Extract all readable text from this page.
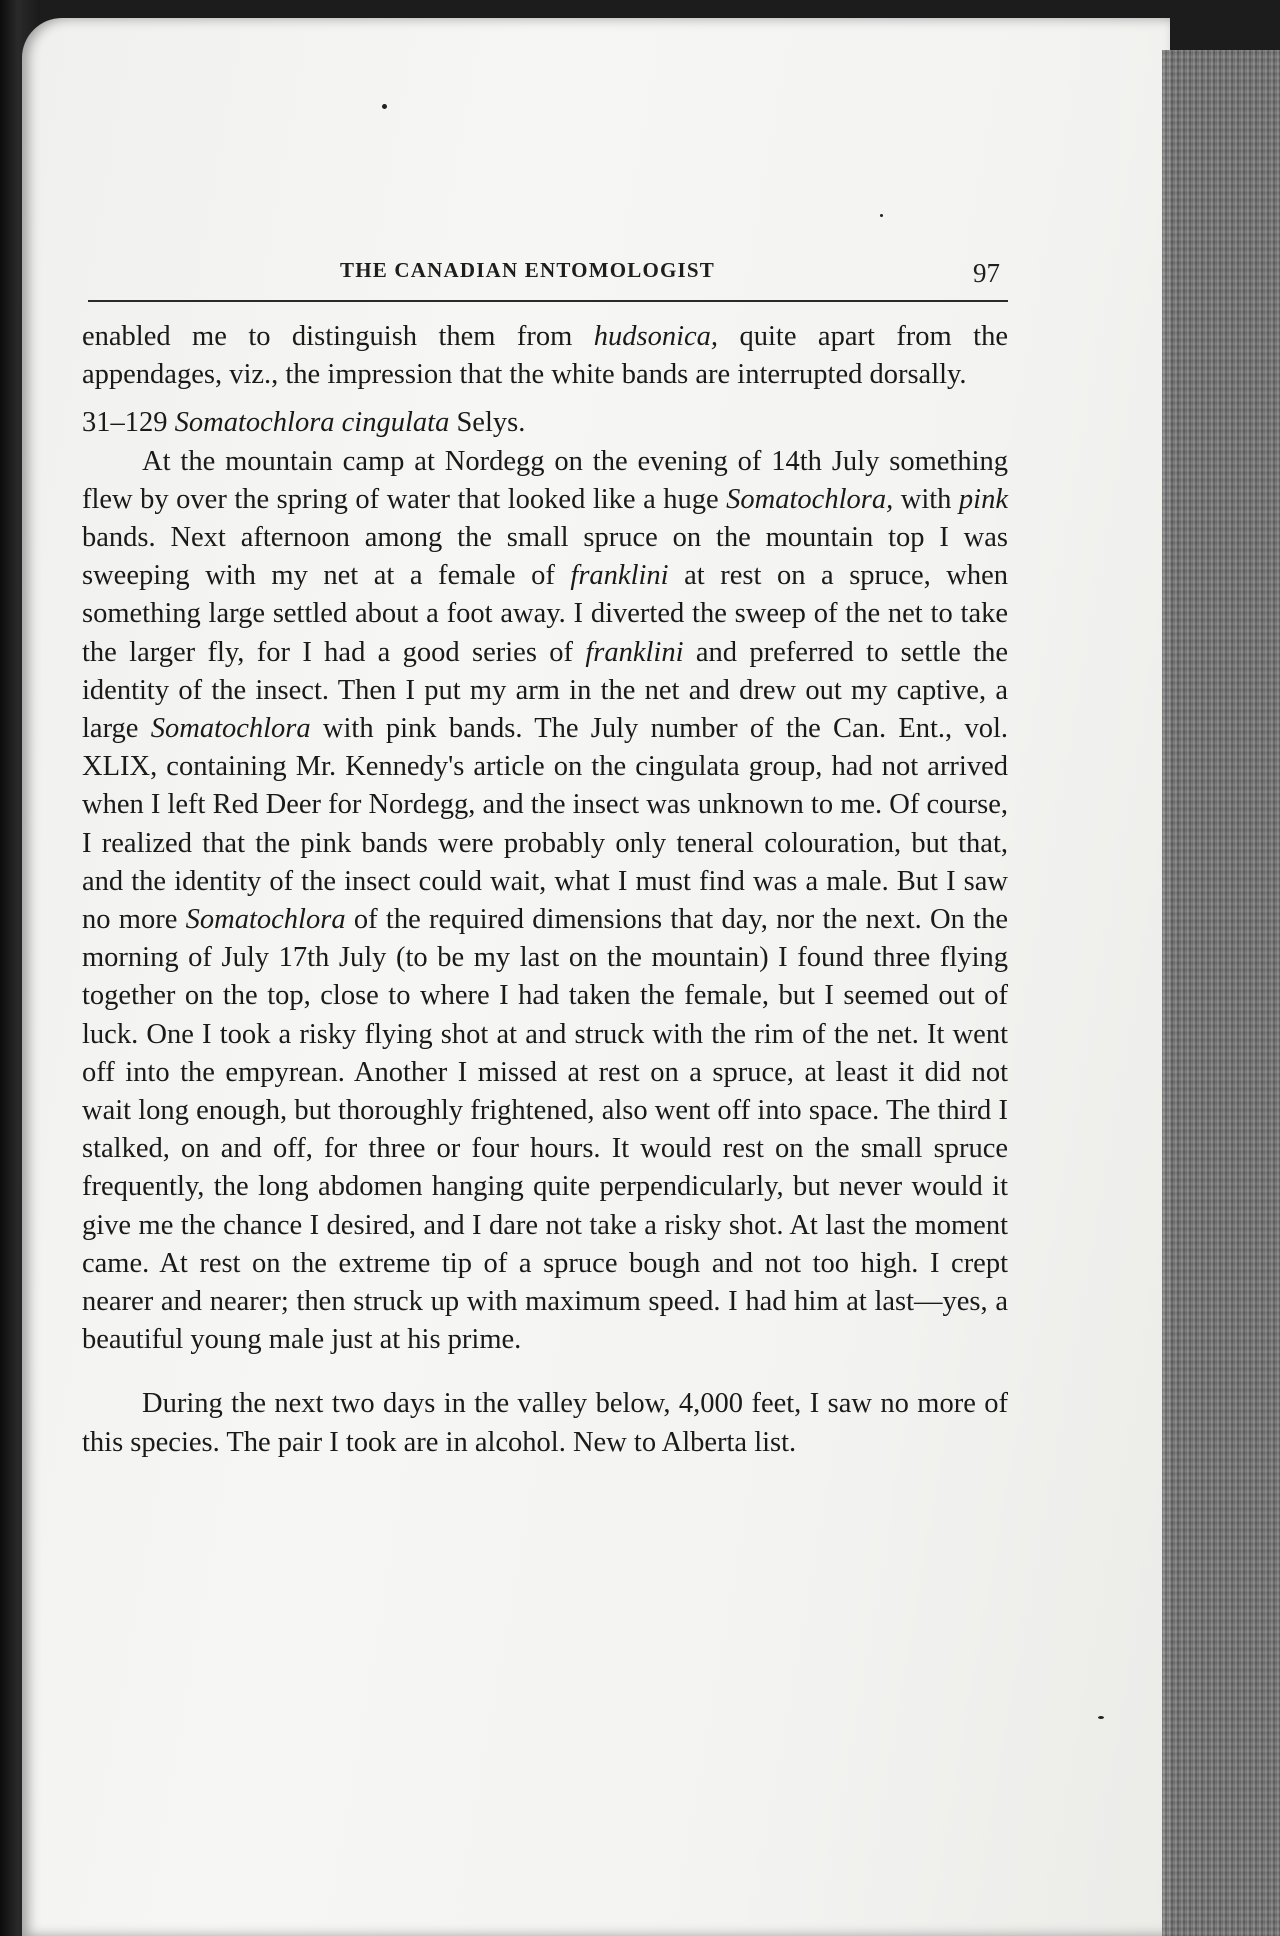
THE CANADIAN ENTOMOLOGIST	97

enabled me to distinguish them from hudsonica, quite apart from the appendages, viz., the impression that the white bands are interrupted dorsally.

31–129 Somatochlora cingulata Selys.

At the mountain camp at Nordegg on the evening of 14th July something flew by over the spring of water that looked like a huge Somatochlora, with pink bands. Next afternoon among the small spruce on the mountain top I was sweeping with my net at a female of franklini at rest on a spruce, when something large settled about a foot away. I diverted the sweep of the net to take the larger fly, for I had a good series of franklini and preferred to settle the identity of the insect. Then I put my arm in the net and drew out my captive, a large Somatochlora with pink bands. The July number of the Can. Ent., vol. XLIX, containing Mr. Kennedy's article on the cingulata group, had not arrived when I left Red Deer for Nordegg, and the insect was unknown to me. Of course, I realized that the pink bands were probably only teneral colouration, but that, and the identity of the insect could wait, what I must find was a male. But I saw no more Somatochlora of the required dimensions that day, nor the next. On the morning of July 17th July (to be my last on the mountain) I found three flying together on the top, close to where I had taken the female, but I seemed out of luck. One I took a risky flying shot at and struck with the rim of the net. It went off into the empyrean. Another I missed at rest on a spruce, at least it did not wait long enough, but thoroughly frightened, also went off into space. The third I stalked, on and off, for three or four hours. It would rest on the small spruce frequently, the long abdomen hanging quite perpendicularly, but never would it give me the chance I desired, and I dare not take a risky shot. At last the moment came. At rest on the extreme tip of a spruce bough and not too high. I crept nearer and nearer; then struck up with maximum speed. I had him at last—yes, a beautiful young male just at his prime.

During the next two days in the valley below, 4,000 feet, I saw no more of this species. The pair I took are in alcohol. New to Alberta list.
